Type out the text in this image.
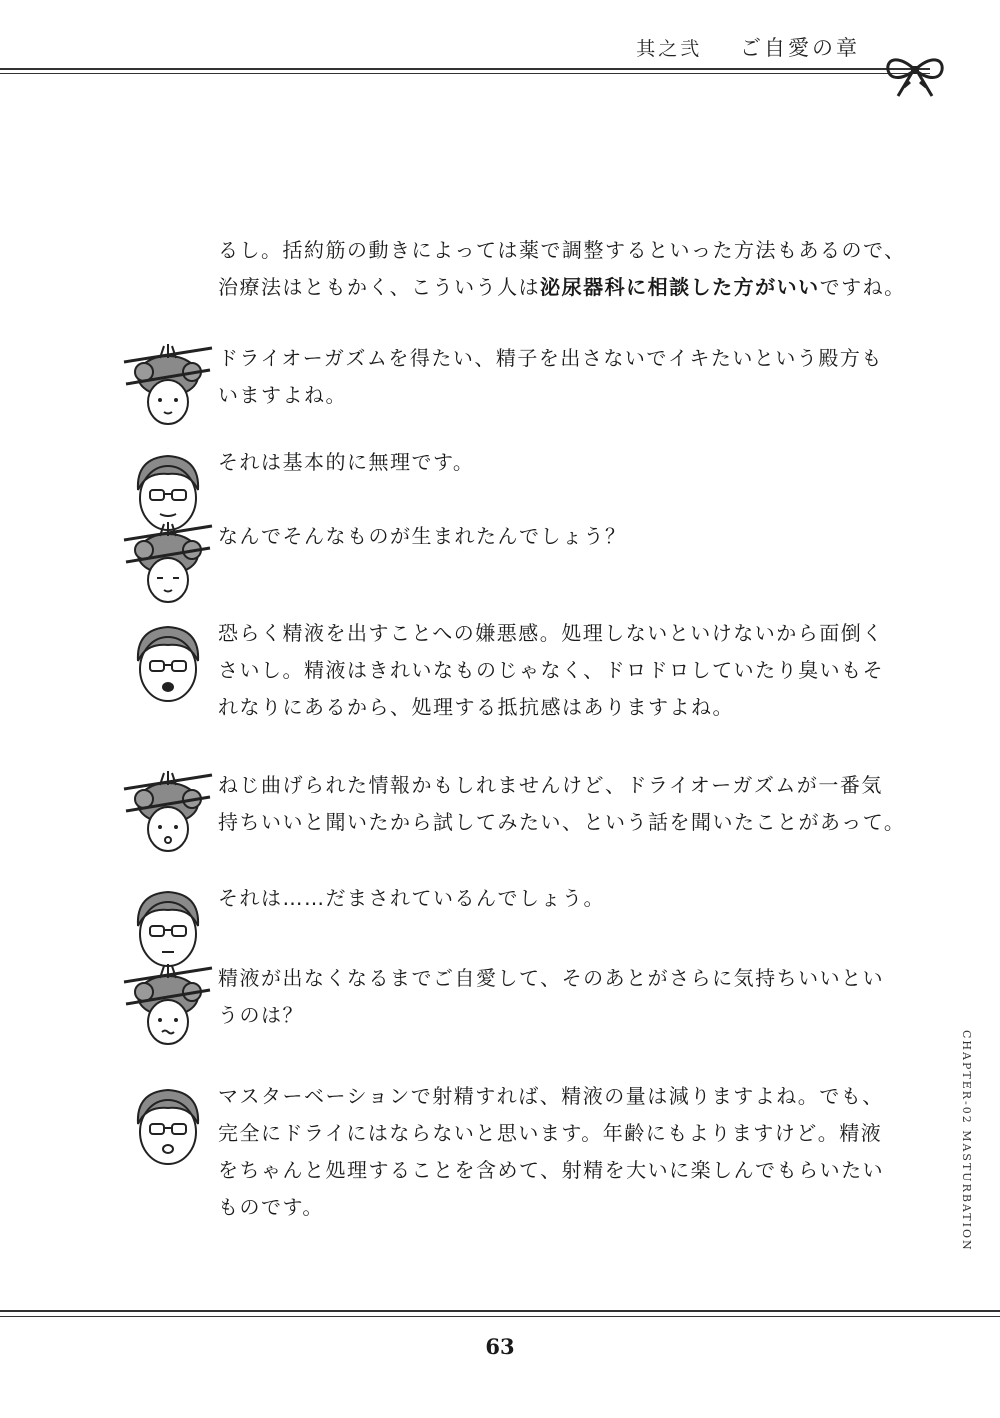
其之弐 ご自愛の章
るし。括約筋の動きによっては薬で調整するといった方法もあるので、
治療法はともかく、こういう人は泌尿器科に相談した方がいいですね。
ドライオーガズムを得たい、精子を出さないでイキたいという殿方も
いますよね。
それは基本的に無理です。
なんでそんなものが生まれたんでしょう？
恐らく精液を出すことへの嫌悪感。処理しないといけないから面倒く
さいし。精液はきれいなものじゃなく、ドロドロしていたり臭いもそ
れなりにあるから、処理する抵抗感はありますよね。
ねじ曲げられた情報かもしれませんけど、ドライオーガズムが一番気
持ちいいと聞いたから試してみたい、という話を聞いたことがあって。
それは……だまされているんでしょう。
精液が出なくなるまでご自愛して、そのあとがさらに気持ちいいとい
うのは？
マスターベーションで射精すれば、精液の量は減りますよね。でも、
完全にドライにはならないと思います。年齢にもよりますけど。精液
をちゃんと処理することを含めて、射精を大いに楽しんでもらいたい
ものです。	CHAPTER-02 MASTURBATION
63
